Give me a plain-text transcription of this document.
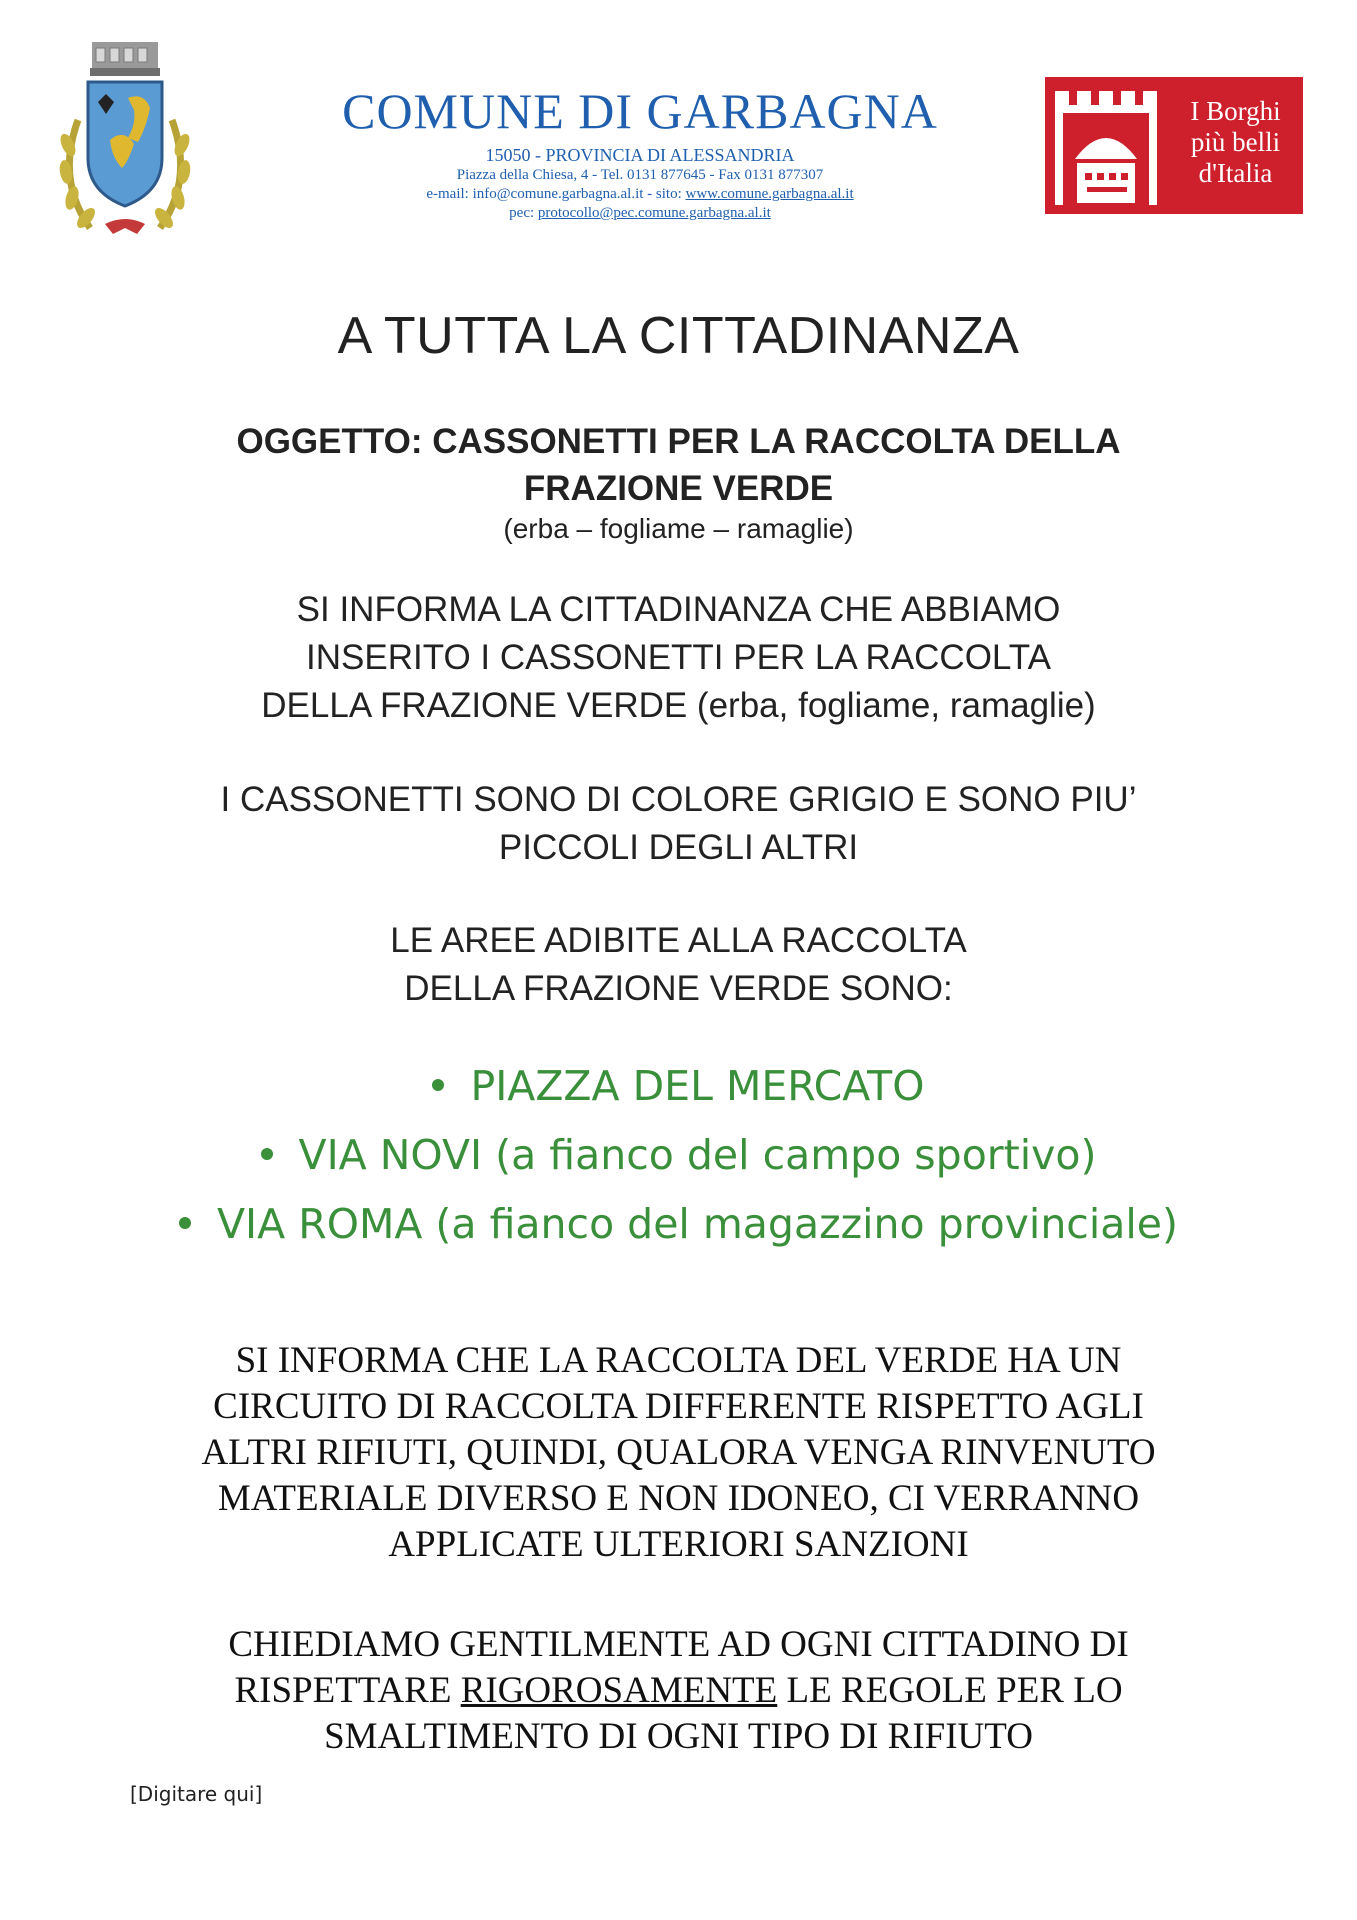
COMUNE DI GARBAGNA
15050 - PROVINCIA DI ALESSANDRIA
Piazza della Chiesa, 4 - Tel. 0131 877645 - Fax 0131 877307
e-mail: info@comune.garbagna.al.it - sito: www.comune.garbagna.al.it
pec: protocollo@pec.comune.garbagna.al.it
I Borghi
più belli
d'Italia
A TUTTA LA CITTADINANZA
OGGETTO: CASSONETTI PER LA RACCOLTA DELLA
FRAZIONE VERDE
(erba – fogliame – ramaglie)
SI INFORMA LA CITTADINANZA CHE ABBIAMO
INSERITO I CASSONETTI PER LA RACCOLTA
DELLA FRAZIONE VERDE (erba, fogliame, ramaglie)
I CASSONETTI SONO DI COLORE GRIGIO E SONO PIU’
PICCOLI DEGLI ALTRI
LE AREE ADIBITE ALLA RACCOLTA
DELLA FRAZIONE VERDE SONO:
PIAZZA DEL MERCATO
VIA NOVI (a fianco del campo sportivo)
VIA ROMA (a fianco del magazzino provinciale)
SI INFORMA CHE LA RACCOLTA DEL VERDE HA UN
CIRCUITO DI RACCOLTA DIFFERENTE RISPETTO AGLI
ALTRI RIFIUTI, QUINDI, QUALORA VENGA RINVENUTO
MATERIALE DIVERSO E NON IDONEO, CI VERRANNO
APPLICATE ULTERIORI SANZIONI
CHIEDIAMO GENTILMENTE AD OGNI CITTADINO DI
RISPETTARE RIGOROSAMENTE LE REGOLE PER LO
SMALTIMENTO DI OGNI TIPO DI RIFIUTO
[Digitare qui]
